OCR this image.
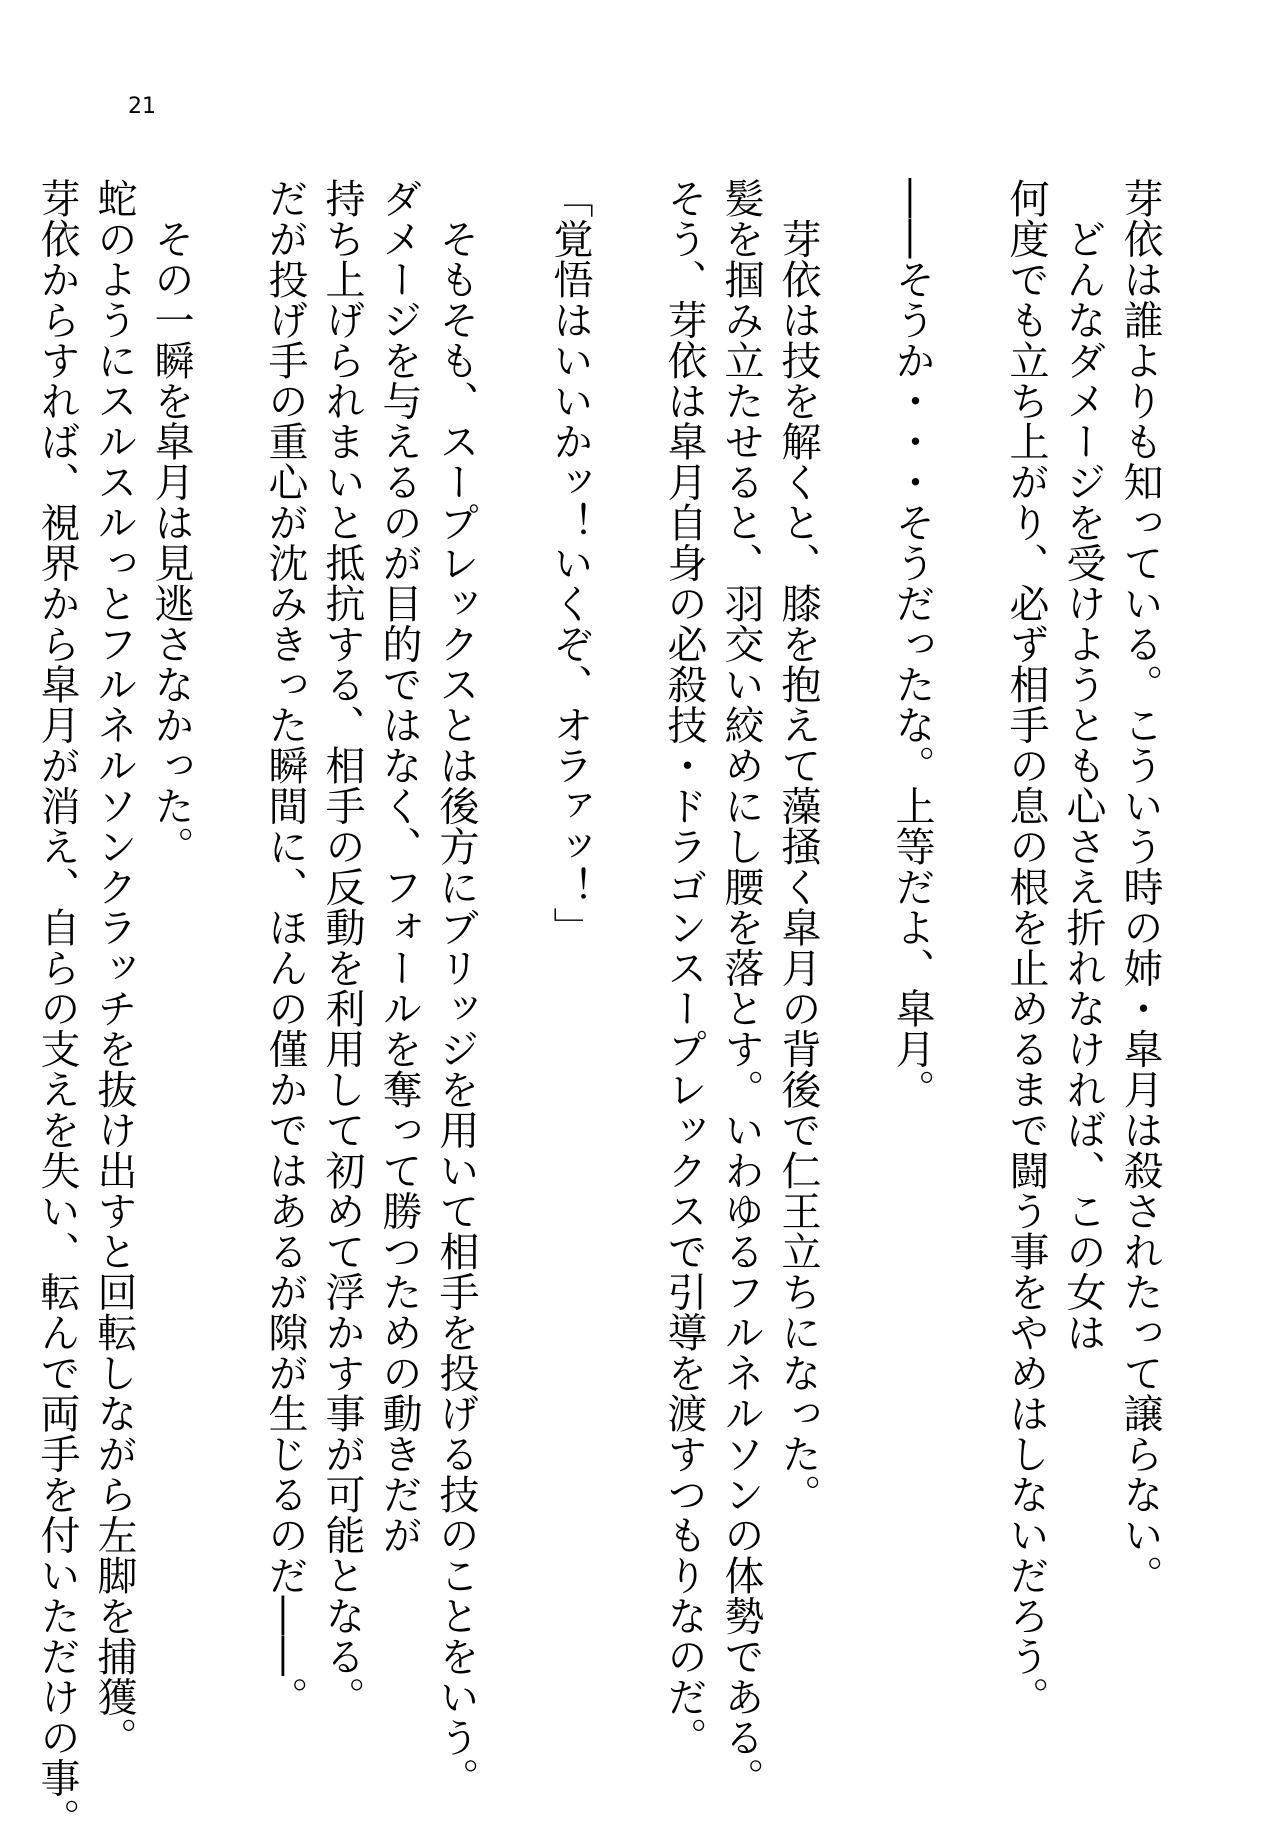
21

芽依は誰よりも知っている。こういう時の姉・皐月は殺されたって譲らない。

　どんなダメージを受けようとも心さえ折れなければ、この女は

何度でも立ち上がり、必ず相手の息の根を止めるまで闘う事をやめはしないだろう。

――そうか・・・そうだったな。上等だよ、皐月。

　芽依は技を解くと、膝を抱えて藻掻く皐月の背後で仁王立ちになった。

髪を掴み立たせると、羽交い絞めにし腰を落とす。いわゆるフルネルソンの体勢である。

そう、芽依は皐月自身の必殺技・ドラゴンスープレックスで引導を渡すつもりなのだ。

「覚悟はいいかッ！いくぞ、オラァッ！」

　そもそも、スープレックスとは後方にブリッジを用いて相手を投げる技のことをいう。

ダメージを与えるのが目的ではなく、フォールを奪って勝つための動きだが

持ち上げられまいと抵抗する、相手の反動を利用して初めて浮かす事が可能となる。

だが投げ手の重心が沈みきった瞬間に、ほんの僅かではあるが隙が生じるのだ――。

　その一瞬を皐月は見逃さなかった。

蛇のようにスルスルっとフルネルソンクラッチを抜け出すと回転しながら左脚を捕獲。

芽依からすれば、視界から皐月が消え、自らの支えを失い、転んで両手を付いただけの事。
